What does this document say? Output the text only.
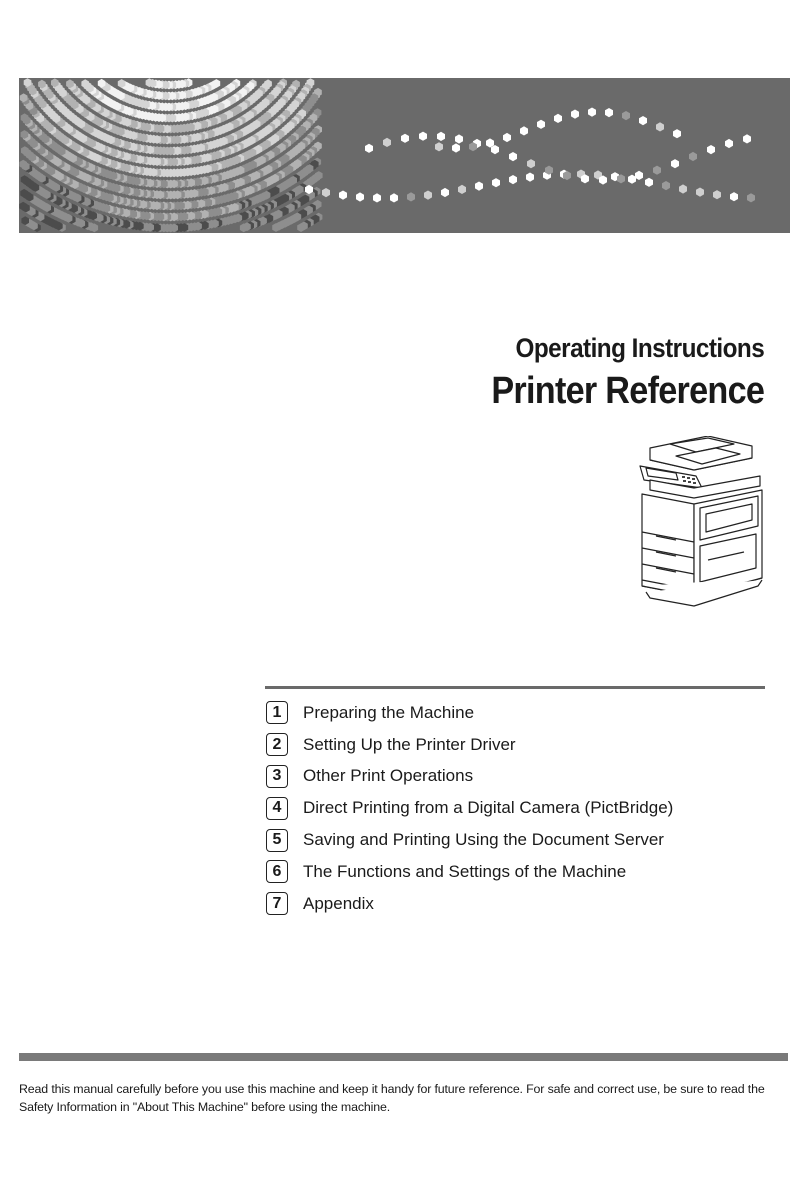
Operating Instructions
Printer Reference
1	Preparing the Machine
2	Setting Up the Printer Driver
3	Other Print Operations
4	Direct Printing from a Digital Camera (PictBridge)
5	Saving and Printing Using the Document Server
6	The Functions and Settings of the Machine
7	Appendix

Read this manual carefully before you use this machine and keep it handy for future reference. For safe and correct use, be sure to read the Safety Information in "About This Machine" before using the machine.
